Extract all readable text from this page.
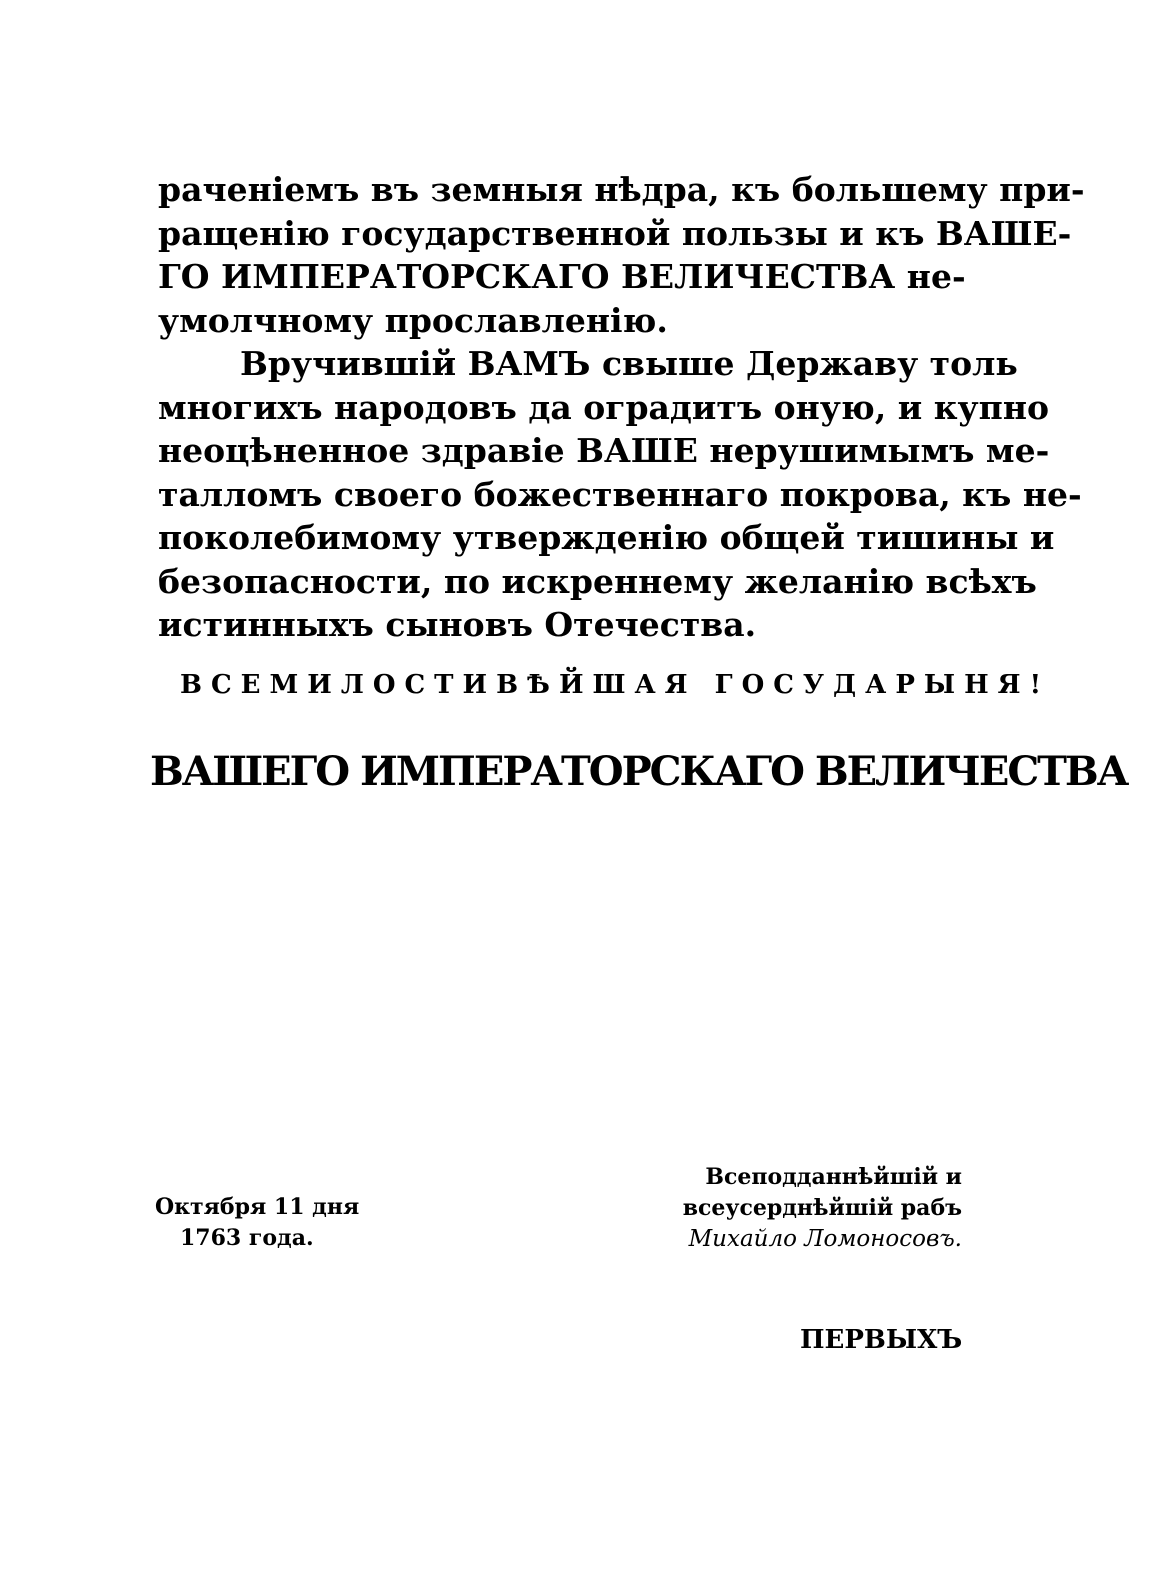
раченіемъ въ земныя нѣдра, къ большему при-
ращенію государственной пользы и къ ВАШЕ-
ГО ИМПЕРАТОРСКАГО ВЕЛИЧЕСТВА не-
умолчному прославленію.
Вручившій ВАМЪ свыше Державу толь
многихъ народовъ да оградитъ оную, и купно
неоцѣненное здравіе ВАШЕ нерушимымъ ме-
талломъ своего божественнаго покрова, къ не-
поколебимому утвержденію общей тишины и
безопасности, по искреннему желанію всѣхъ
истинныхъ сыновъ Отечества.
ВСЕМИЛОСТИВѢЙШАЯ ГОСУДАРЫНЯ!
ВАШЕГО ИМПЕРАТОРСКАГО ВЕЛИЧЕСТВА
Октября 11 дня
1763 года.
Всеподданнѣйшій и
всеусерднѣйшій рабъ
Михайло Ломоносовъ.
ПЕРВЫХЪ
